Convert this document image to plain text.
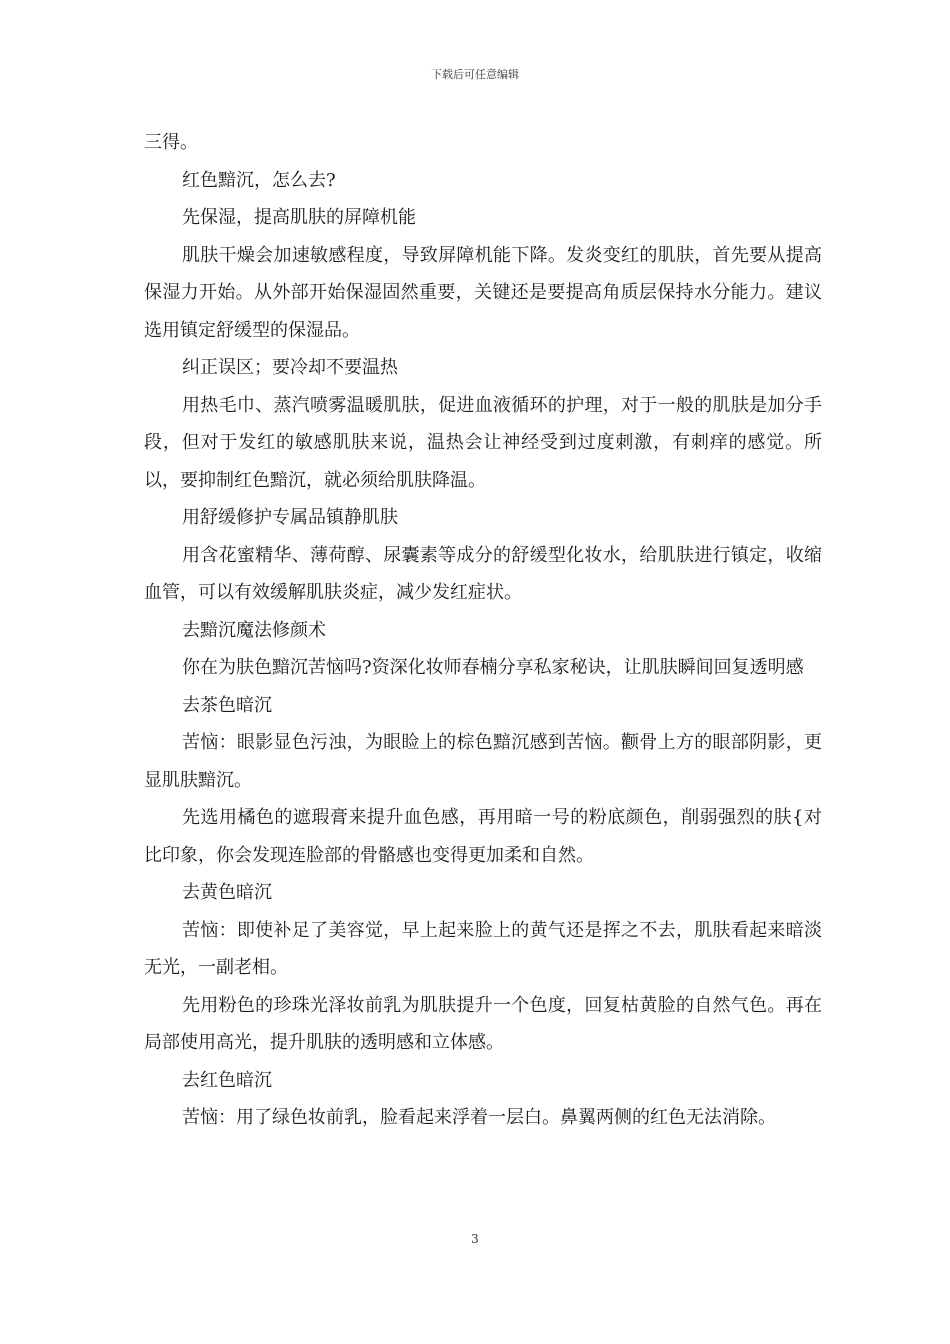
下载后可任意编辑

三得。

红色黯沉，怎么去?

先保湿，提高肌肤的屏障机能

肌肤干燥会加速敏感程度，导致屏障机能下降。发炎变红的肌肤，首先要从提高保湿力开始。从外部开始保湿固然重要，关键还是要提高角质层保持水分能力。建议选用镇定舒缓型的保湿品。

纠正误区；要冷却不要温热

用热毛巾、蒸汽喷雾温暖肌肤，促进血液循环的护理，对于一般的肌肤是加分手段，但对于发红的敏感肌肤来说，温热会让神经受到过度刺激，有刺痒的感觉。所以，要抑制红色黯沉，就必须给肌肤降温。

用舒缓修护专属品镇静肌肤

用含花蜜精华、薄荷醇、尿囊素等成分的舒缓型化妆水，给肌肤进行镇定，收缩血管，可以有效缓解肌肤炎症，减少发红症状。

去黯沉魔法修颜术

你在为肤色黯沉苦恼吗?资深化妆师春楠分享私家秘诀，让肌肤瞬间回复透明感

去茶色暗沉

苦恼：眼影显色污浊，为眼睑上的棕色黯沉感到苦恼。颧骨上方的眼部阴影，更显肌肤黯沉。

先选用橘色的遮瑕膏来提升血色感，再用暗一号的粉底颜色，削弱强烈的肤{对比印象，你会发现连脸部的骨骼感也变得更加柔和自然。

去黄色暗沉

苦恼：即使补足了美容觉，早上起来脸上的黄气还是挥之不去，肌肤看起来暗淡无光，一副老相。

先用粉色的珍珠光泽妆前乳为肌肤提升一个色度，回复枯黄脸的自然气色。再在局部使用高光，提升肌肤的透明感和立体感。

去红色暗沉

苦恼：用了绿色妆前乳，脸看起来浮着一层白。鼻翼两侧的红色无法消除。

3
